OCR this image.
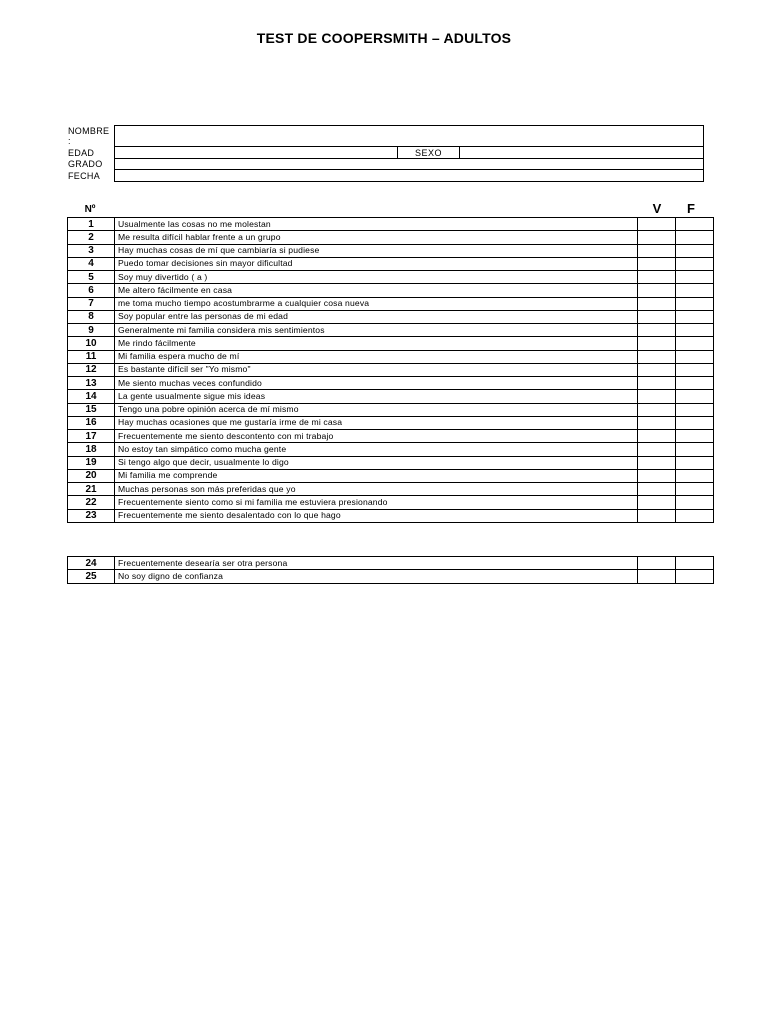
TEST DE COOPERSMITH – ADULTOS
NOMBRE
:
EDAD	SEXO
GRADO
FECHA
Nº	V	F
1	Usualmente las cosas no me molestan		
2	Me resulta difícil hablar frente a un grupo		
3	Hay muchas cosas de mí que cambiaría si pudiese		
4	Puedo tomar decisiones sin mayor dificultad		
5	Soy muy divertido ( a )		
6	Me altero fácilmente en casa		
7	me toma mucho tiempo acostumbrarme a cualquier cosa nueva		
8	Soy popular entre las personas de mi edad		
9	Generalmente mi familia considera mis sentimientos		
10	Me rindo fácilmente		
11	Mi familia espera mucho de mí		
12	Es bastante difícil ser "Yo mismo"		
13	Me siento muchas veces confundido		
14	La gente usualmente sigue mis ideas		
15	Tengo una pobre opinión acerca de mí mismo		
16	Hay muchas ocasiones que me gustaría irme de mi casa		
17	Frecuentemente me siento descontento con mi trabajo		
18	No estoy tan simpático como mucha gente		
19	Si tengo algo que decir, usualmente lo digo		
20	Mi familia me comprende		
21	Muchas personas son más preferidas que yo		
22	Frecuentemente siento como si mi familia me estuviera presionando		
23	Frecuentemente me siento desalentado con lo que hago		
24	Frecuentemente desearía ser otra persona		
25	No soy digno de confianza		
